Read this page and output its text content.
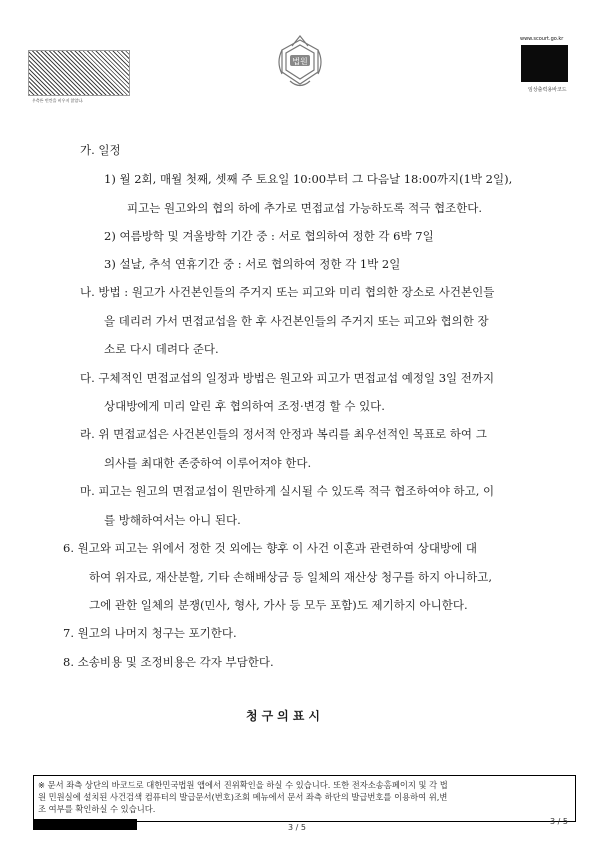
우측뜬 빈칸을 비우지 않았나.
법원
www.scourt.go.kr
임상출력용바코드
가. 일정
1) 월 2회, 매월 첫째, 셋째 주 토요일 10:00부터 그 다음날 18:00까지(1박 2일),
피고는 원고와의 협의 하에 추가로 면접교섭 가능하도록 적극 협조한다.
2) 여름방학 및 겨울방학 기간 중 : 서로 협의하여 정한 각 6박 7일
3) 설날, 추석 연휴기간 중 : 서로 협의하여 정한 각 1박 2일
나. 방법 : 원고가 사건본인들의 주거지 또는 피고와 미리 협의한 장소로 사건본인들
을 데리러 가서 면접교섭을 한 후 사건본인들의 주거지 또는 피고와 협의한 장
소로 다시 데려다 준다.
다. 구체적인 면접교섭의 일정과 방법은 원고와 피고가 면접교섭 예정일 3일 전까지
상대방에게 미리 알린 후 협의하여 조정·변경 할 수 있다.
라. 위 면접교섭은 사건본인들의 정서적 안정과 복리를 최우선적인 목표로 하여 그
의사를 최대한 존중하여 이루어져야 한다.
마. 피고는 원고의 면접교섭이 원만하게 실시될 수 있도록 적극 협조하여야 하고, 이
를 방해하여서는 아니 된다.
6. 원고와 피고는 위에서 정한 것 외에는 향후 이 사건 이혼과 관련하여 상대방에 대
하여 위자료, 재산분할, 기타 손해배상금 등 일체의 재산상 청구를 하지 아니하고,
그에 관한 일체의 분쟁(민사, 형사, 가사 등 모두 포함)도 제기하지 아니한다.
7. 원고의 나머지 청구는 포기한다.
8. 소송비용 및 조정비용은 각자 부담한다.
청구의표시
※ 문서 좌측 상단의 바코드로 대한민국법원 앱에서 진위확인을 하실 수 있습니다. 또한 전자소송홈페이지 및 각 법
원 민원실에 설치된 사건검색 컴퓨터의 발급문서(번호)조회 메뉴에서 문서 좌측 하단의 발급번호를 이용하여 위,변
조 여부를 확인하실 수 있습니다.
3 / 5
3 / 5
